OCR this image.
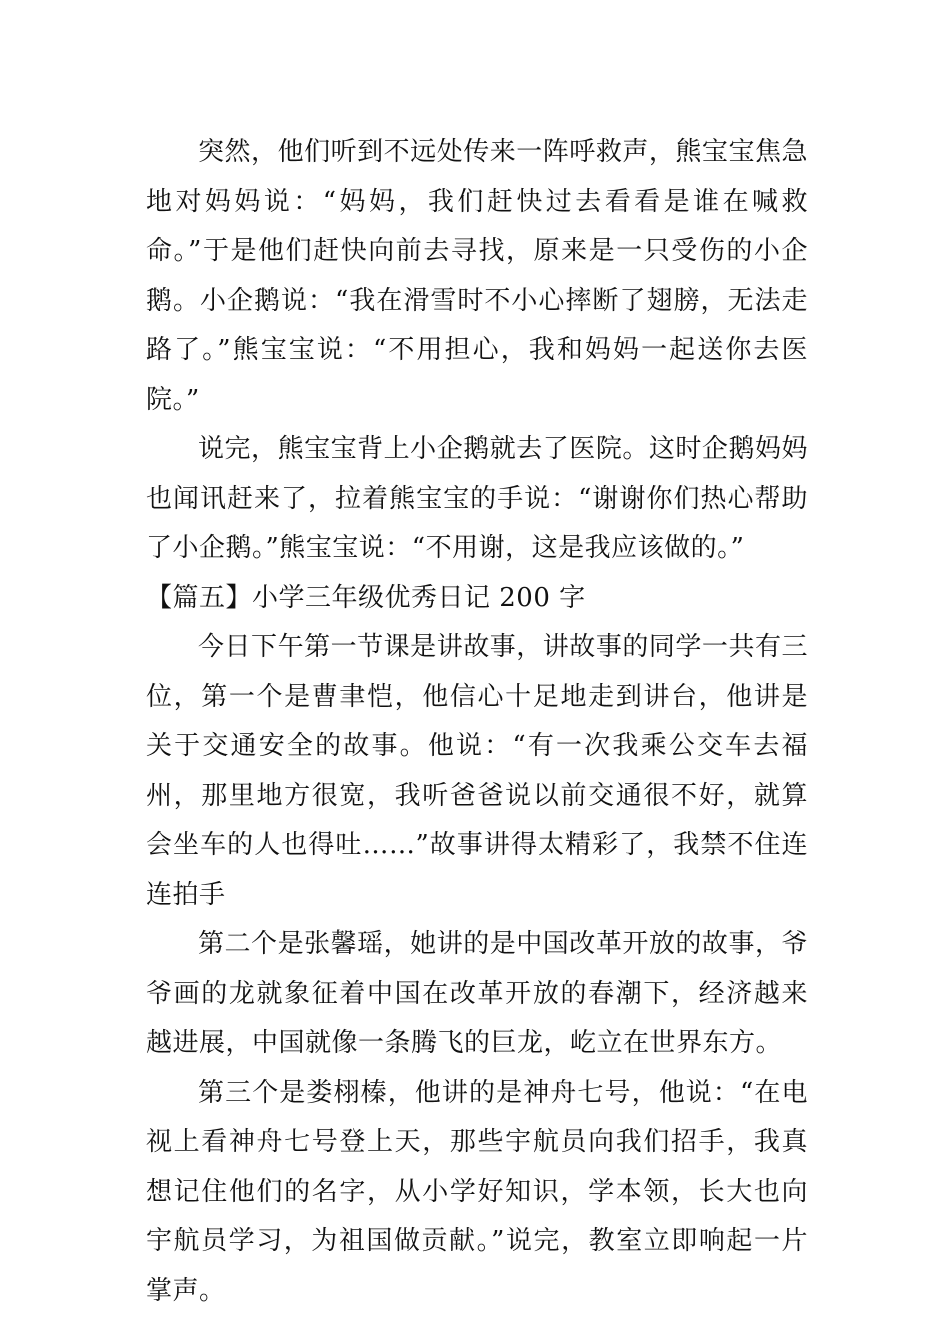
突然，他们听到不远处传来一阵呼救声，熊宝宝焦急地对妈妈说：“妈妈，我们赶快过去看看是谁在喊救命。”于是他们赶快向前去寻找，原来是一只受伤的小企鹅。小企鹅说：“我在滑雪时不小心摔断了翅膀，无法走路了。”熊宝宝说：“不用担心，我和妈妈一起送你去医院。”

说完，熊宝宝背上小企鹅就去了医院。这时企鹅妈妈也闻讯赶来了，拉着熊宝宝的手说：“谢谢你们热心帮助了小企鹅。”熊宝宝说：“不用谢，这是我应该做的。”

【篇五】小学三年级优秀日记 200 字

今日下午第一节课是讲故事，讲故事的同学一共有三位，第一个是曹聿恺，他信心十足地走到讲台，他讲是关于交通安全的故事。他说：“有一次我乘公交车去福州，那里地方很宽，我听爸爸说以前交通很不好，就算会坐车的人也得吐……”故事讲得太精彩了，我禁不住连连拍手

第二个是张馨瑶，她讲的是中国改革开放的故事，爷爷画的龙就象征着中国在改革开放的春潮下，经济越来越进展，中国就像一条腾飞的巨龙，屹立在世界东方。

第三个是娄栩榛，他讲的是神舟七号，他说：“在电视上看神舟七号登上天，那些宇航员向我们招手，我真想记住他们的名字，从小学好知识，学本领，长大也向宇航员学习，为祖国做贡献。”说完，教室立即响起一片掌声。
